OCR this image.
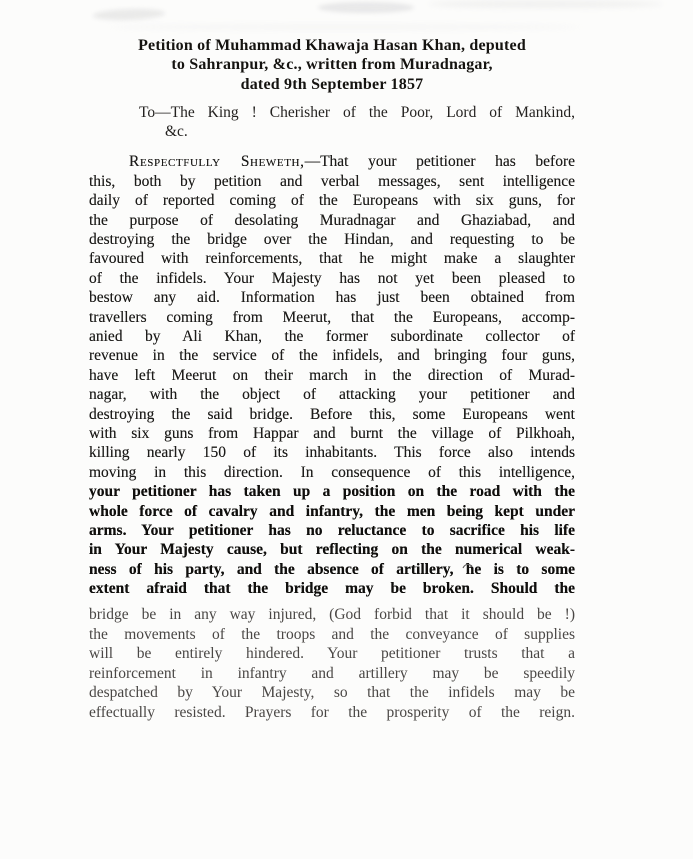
Petition of Muhammad Khawaja Hasan Khan, deputed
to Sahranpur, &c., written from Muradnagar,
dated 9th September 1857
To—The King ! Cherisher of the Poor, Lord of Mankind,
&c.
Respectfully Sheweth,—That your petitioner has before
this, both by petition and verbal messages, sent intelligence
daily of reported coming of the Europeans with six guns, for
the purpose of desolating Muradnagar and Ghaziabad, and
destroying the bridge over the Hindan, and requesting to be
favoured with reinforcements, that he might make a slaughter
of the infidels. Your Majesty has not yet been pleased to
bestow any aid. Information has just been obtained from
travellers coming from Meerut, that the Europeans, accomp-
anied by Ali Khan, the former subordinate collector of
revenue in the service of the infidels, and bringing four guns,
have left Meerut on their march in the direction of Murad-
nagar, with the object of attacking your petitioner and
destroying the said bridge. Before this, some Europeans went
with six guns from Happar and burnt the village of Pilkhoah,
killing nearly 150 of its inhabitants. This force also intends
moving in this direction. In consequence of this intelligence,
your petitioner has taken up a position on the road with the
whole force of cavalry and infantry, the men being kept under
arms. Your petitioner has no reluctance to sacrifice his life
in Your Majesty cause, but reflecting on the numerical weak-
ness of his party, and the absence of artillery, he is to some
extent afraid that the bridge may be broken. Should the
bridge be in any way injured, (God forbid that it should be !)
the movements of the troops and the conveyance of supplies
will be entirely hindered. Your petitioner trusts that a
reinforcement in infantry and artillery may be speedily
despatched by Your Majesty, so that the infidels may be
effectually resisted. Prayers for the prosperity of the reign.
